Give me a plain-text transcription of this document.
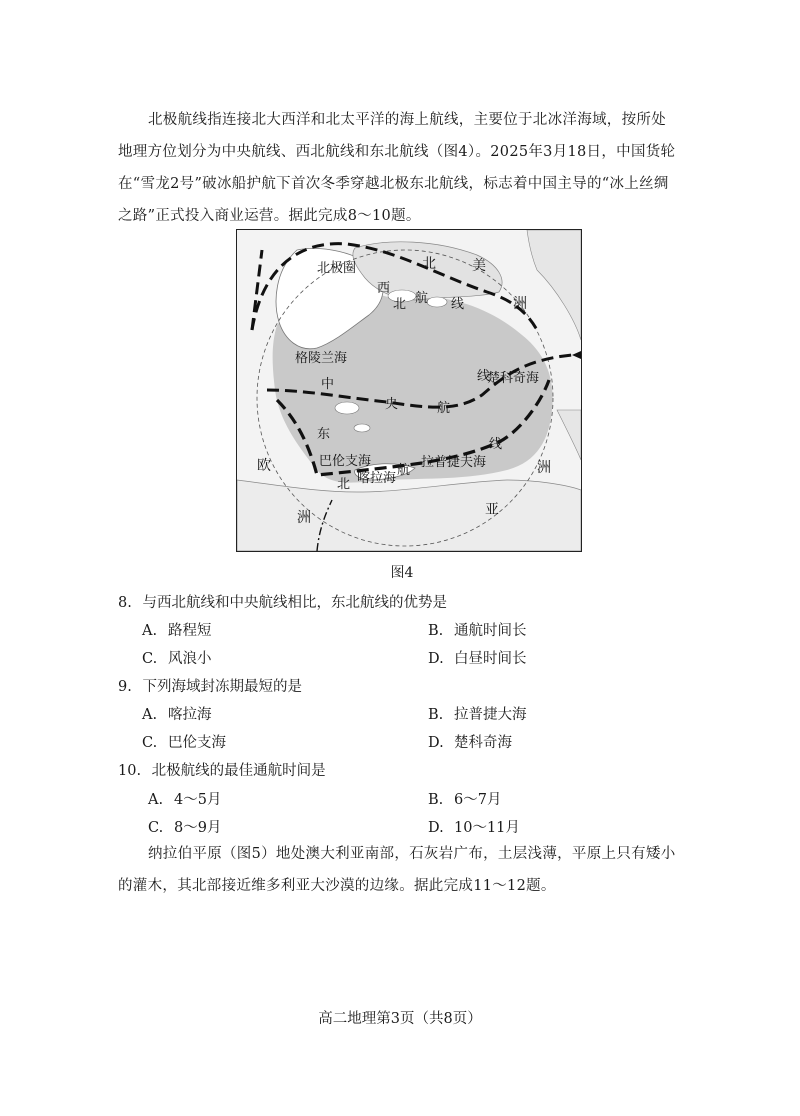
北极航线指连接北大西洋和北太平洋的海上航线，主要位于北冰洋海域，按所处地理方位划分为中央航线、西北航线和东北航线（图4）。2025年3月18日，中国货轮在“雪龙2号”破冰船护航下首次冬季穿越北极东北航线，标志着中国主导的“冰上丝绸之路”正式投入商业运营。据此完成8～10题。
北极圈	北	美
洲
西
北 航 线
格陵兰海
中
央	航
线
楚科奇海
东
北
航
线
巴伦支海
喀拉海
拉普捷夫海
欧
洲	亚
洲
图4
8. 与西北航线和中央航线相比，东北航线的优势是
A. 路程短	B. 通航时间长
C. 风浪小	D. 白昼时间长
9. 下列海域封冻期最短的是
A. 喀拉海	B. 拉普捷大海
C. 巴伦支海	D. 楚科奇海
10. 北极航线的最佳通航时间是
A. 4～5月	B. 6～7月
C. 8～9月	D. 10～11月
纳拉伯平原（图5）地处澳大利亚南部，石灰岩广布，土层浅薄，平原上只有矮小的灌木，其北部接近维多利亚大沙漠的边缘。据此完成11～12题。
高二地理第3页（共8页）
